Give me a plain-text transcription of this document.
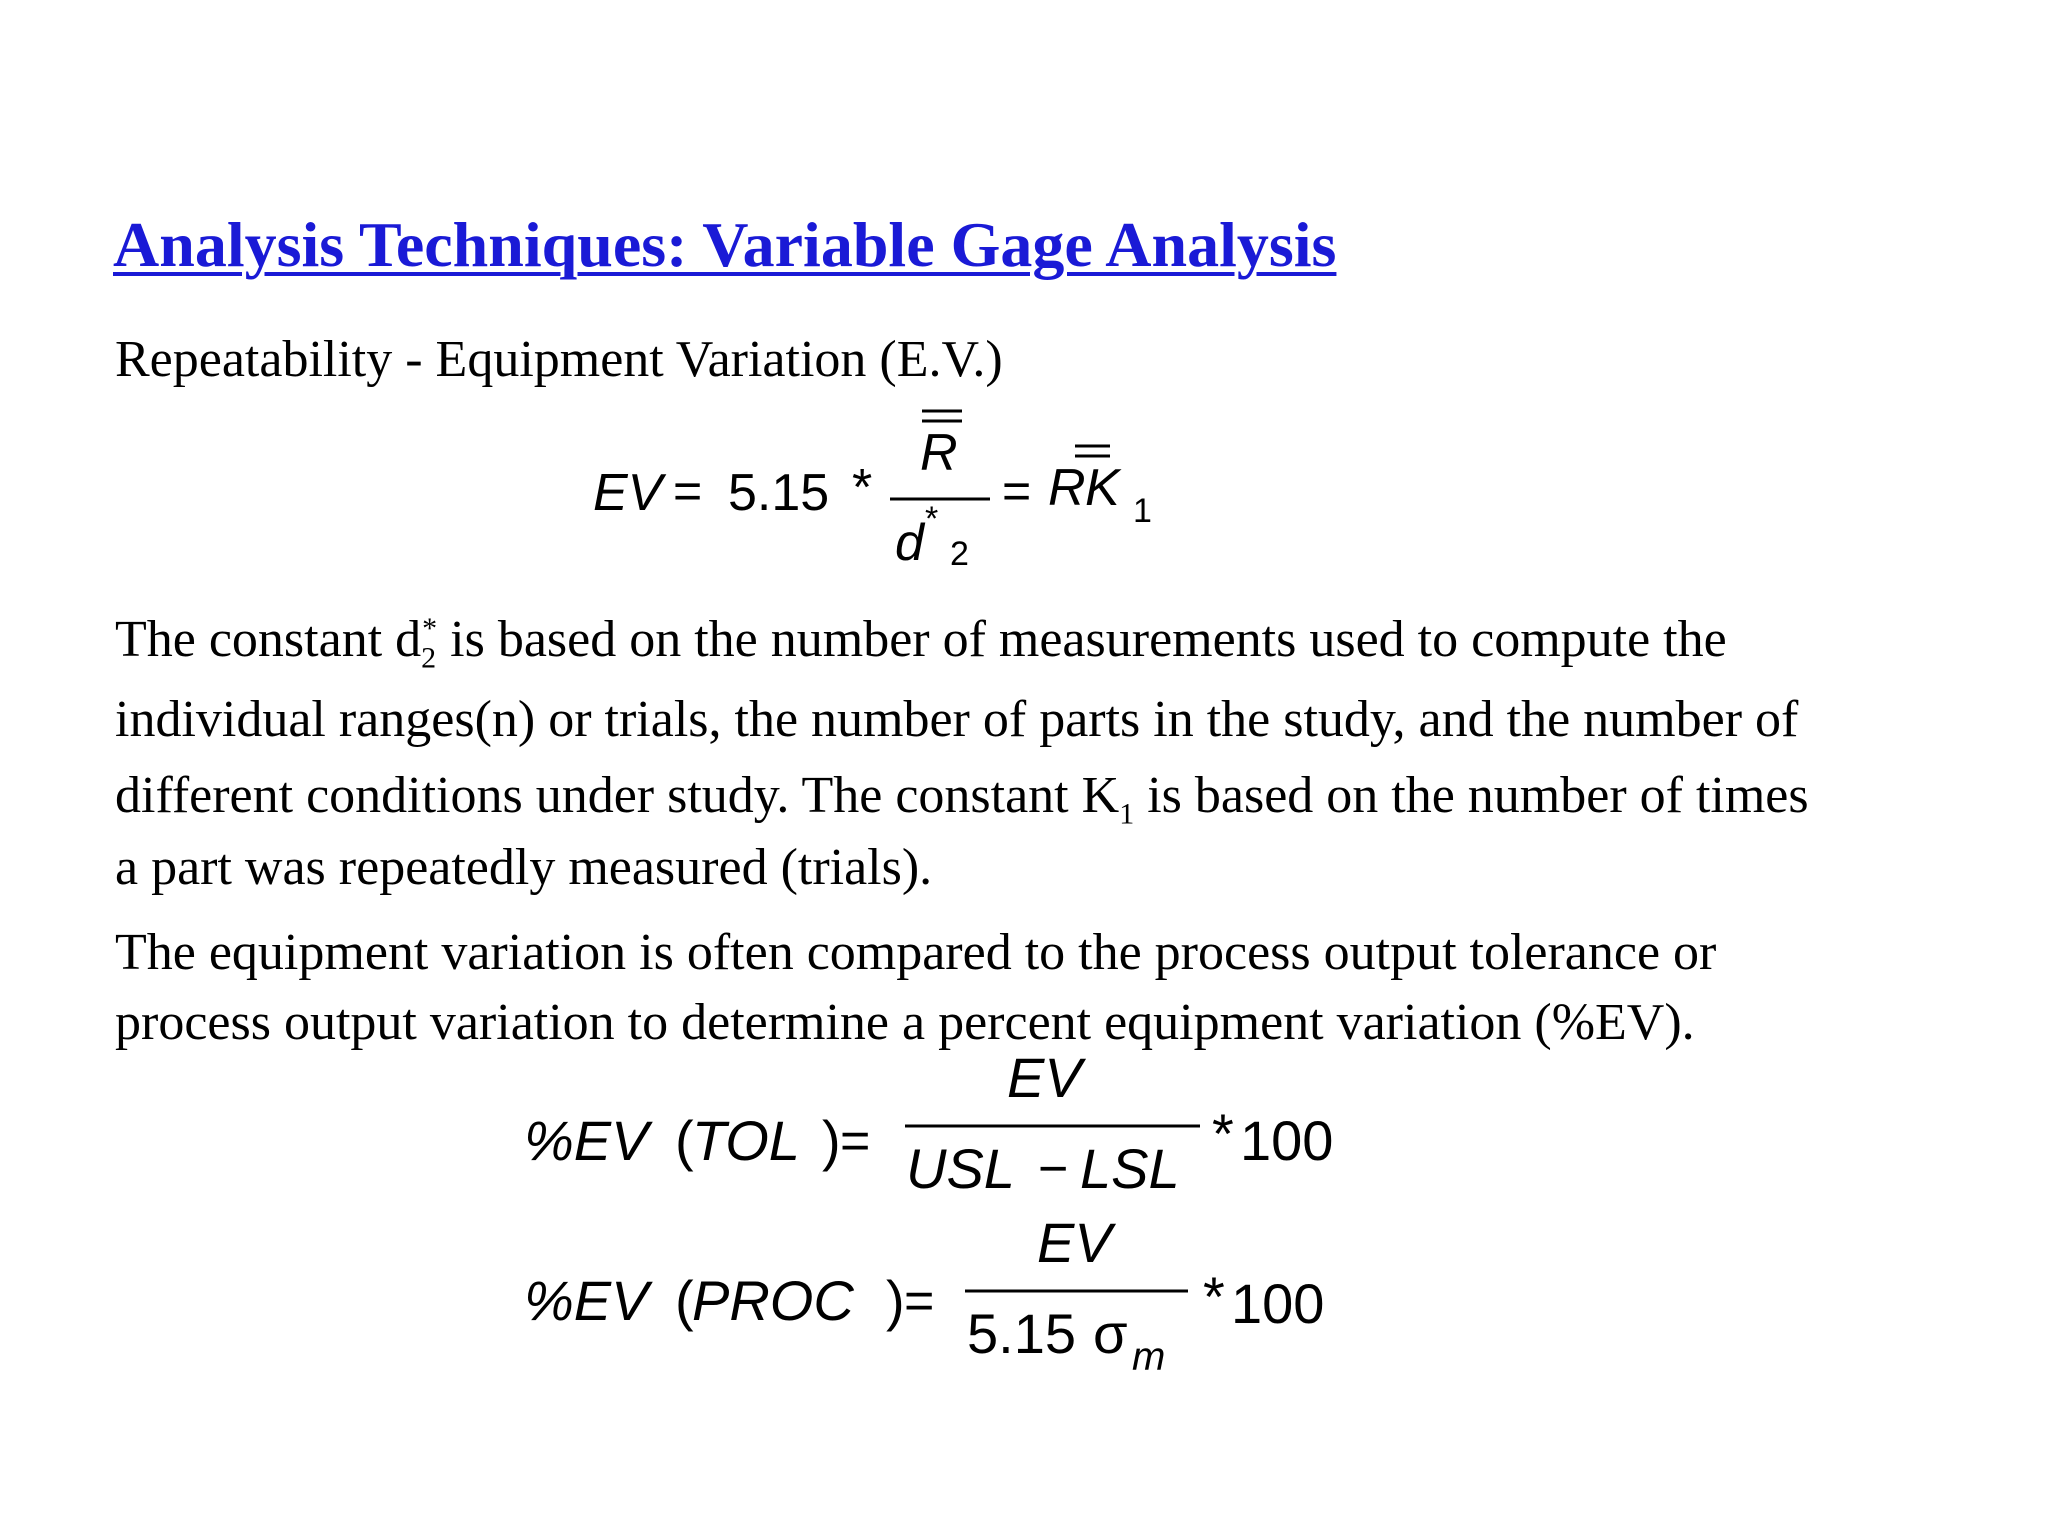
Analysis Techniques: Variable Gage Analysis

Repeatability - Equipment Variation (E.V.)

EV = 5.15 *
R
d *
2
= R K 1

The constant $d_2^*$ is based on the number of measurements used to compute the
individual ranges(n) or trials, the number of parts in the study, and the number of
different conditions under study. The constant $K_1$ is based on the number of times
a part was repeatedly measured (trials).

The equipment variation is often compared to the process output tolerance or
process output variation to determine a percent equipment variation (%EV).

%EV (
TOL ) =
EV
USL − LSL
* 100
%EV (
PROC ) =
EV
5.15 σ m
* 100
